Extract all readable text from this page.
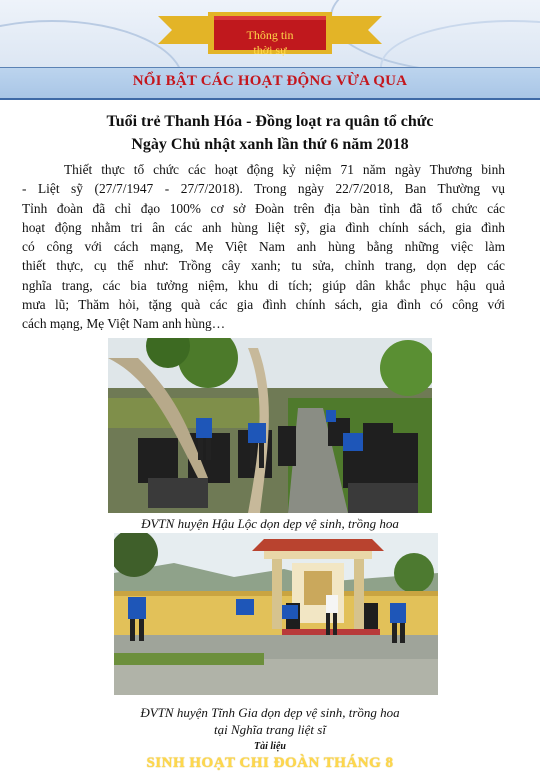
Thông tin
thời sự
NỔI BẬT CÁC HOẠT ĐỘNG VỪA QUA
Tuổi trẻ Thanh Hóa - Đồng loạt ra quân tổ chức
Ngày Chủ nhật xanh lần thứ 6 năm 2018
Thiết thực tổ chức các hoạt động kỷ niệm 71 năm ngày Thương binh
- Liệt sỹ (27/7/1947 - 27/7/2018). Trong ngày 22/7/2018, Ban Thường vụ
Tỉnh đoàn đã chỉ đạo 100% cơ sở Đoàn trên địa bàn tỉnh đã tổ chức các
hoạt động nhằm tri ân các anh hùng liệt sỹ, gia đình chính sách, gia đình
có công với cách mạng, Mẹ Việt Nam anh hùng bằng những việc làm
thiết thực, cụ thể như: Trồng cây xanh; tu sửa, chỉnh trang, dọn dẹp các
nghĩa trang, các bia tưởng niệm, khu di tích; giúp dân khắc phục hậu quả
mưa lũ; Thăm hỏi, tặng quà các gia đình chính sách, gia đình có công với
cách mạng, Mẹ Việt Nam anh hùng…
ĐVTN huyện Hậu Lộc dọn dẹp vệ sinh, trồng hoa
ĐVTN huyện Tĩnh Gia dọn dẹp vệ sinh, trồng hoa
tại Nghĩa trang liệt sĩ
Tài liệu
SINH HOẠT CHI ĐOÀN THÁNG 8
